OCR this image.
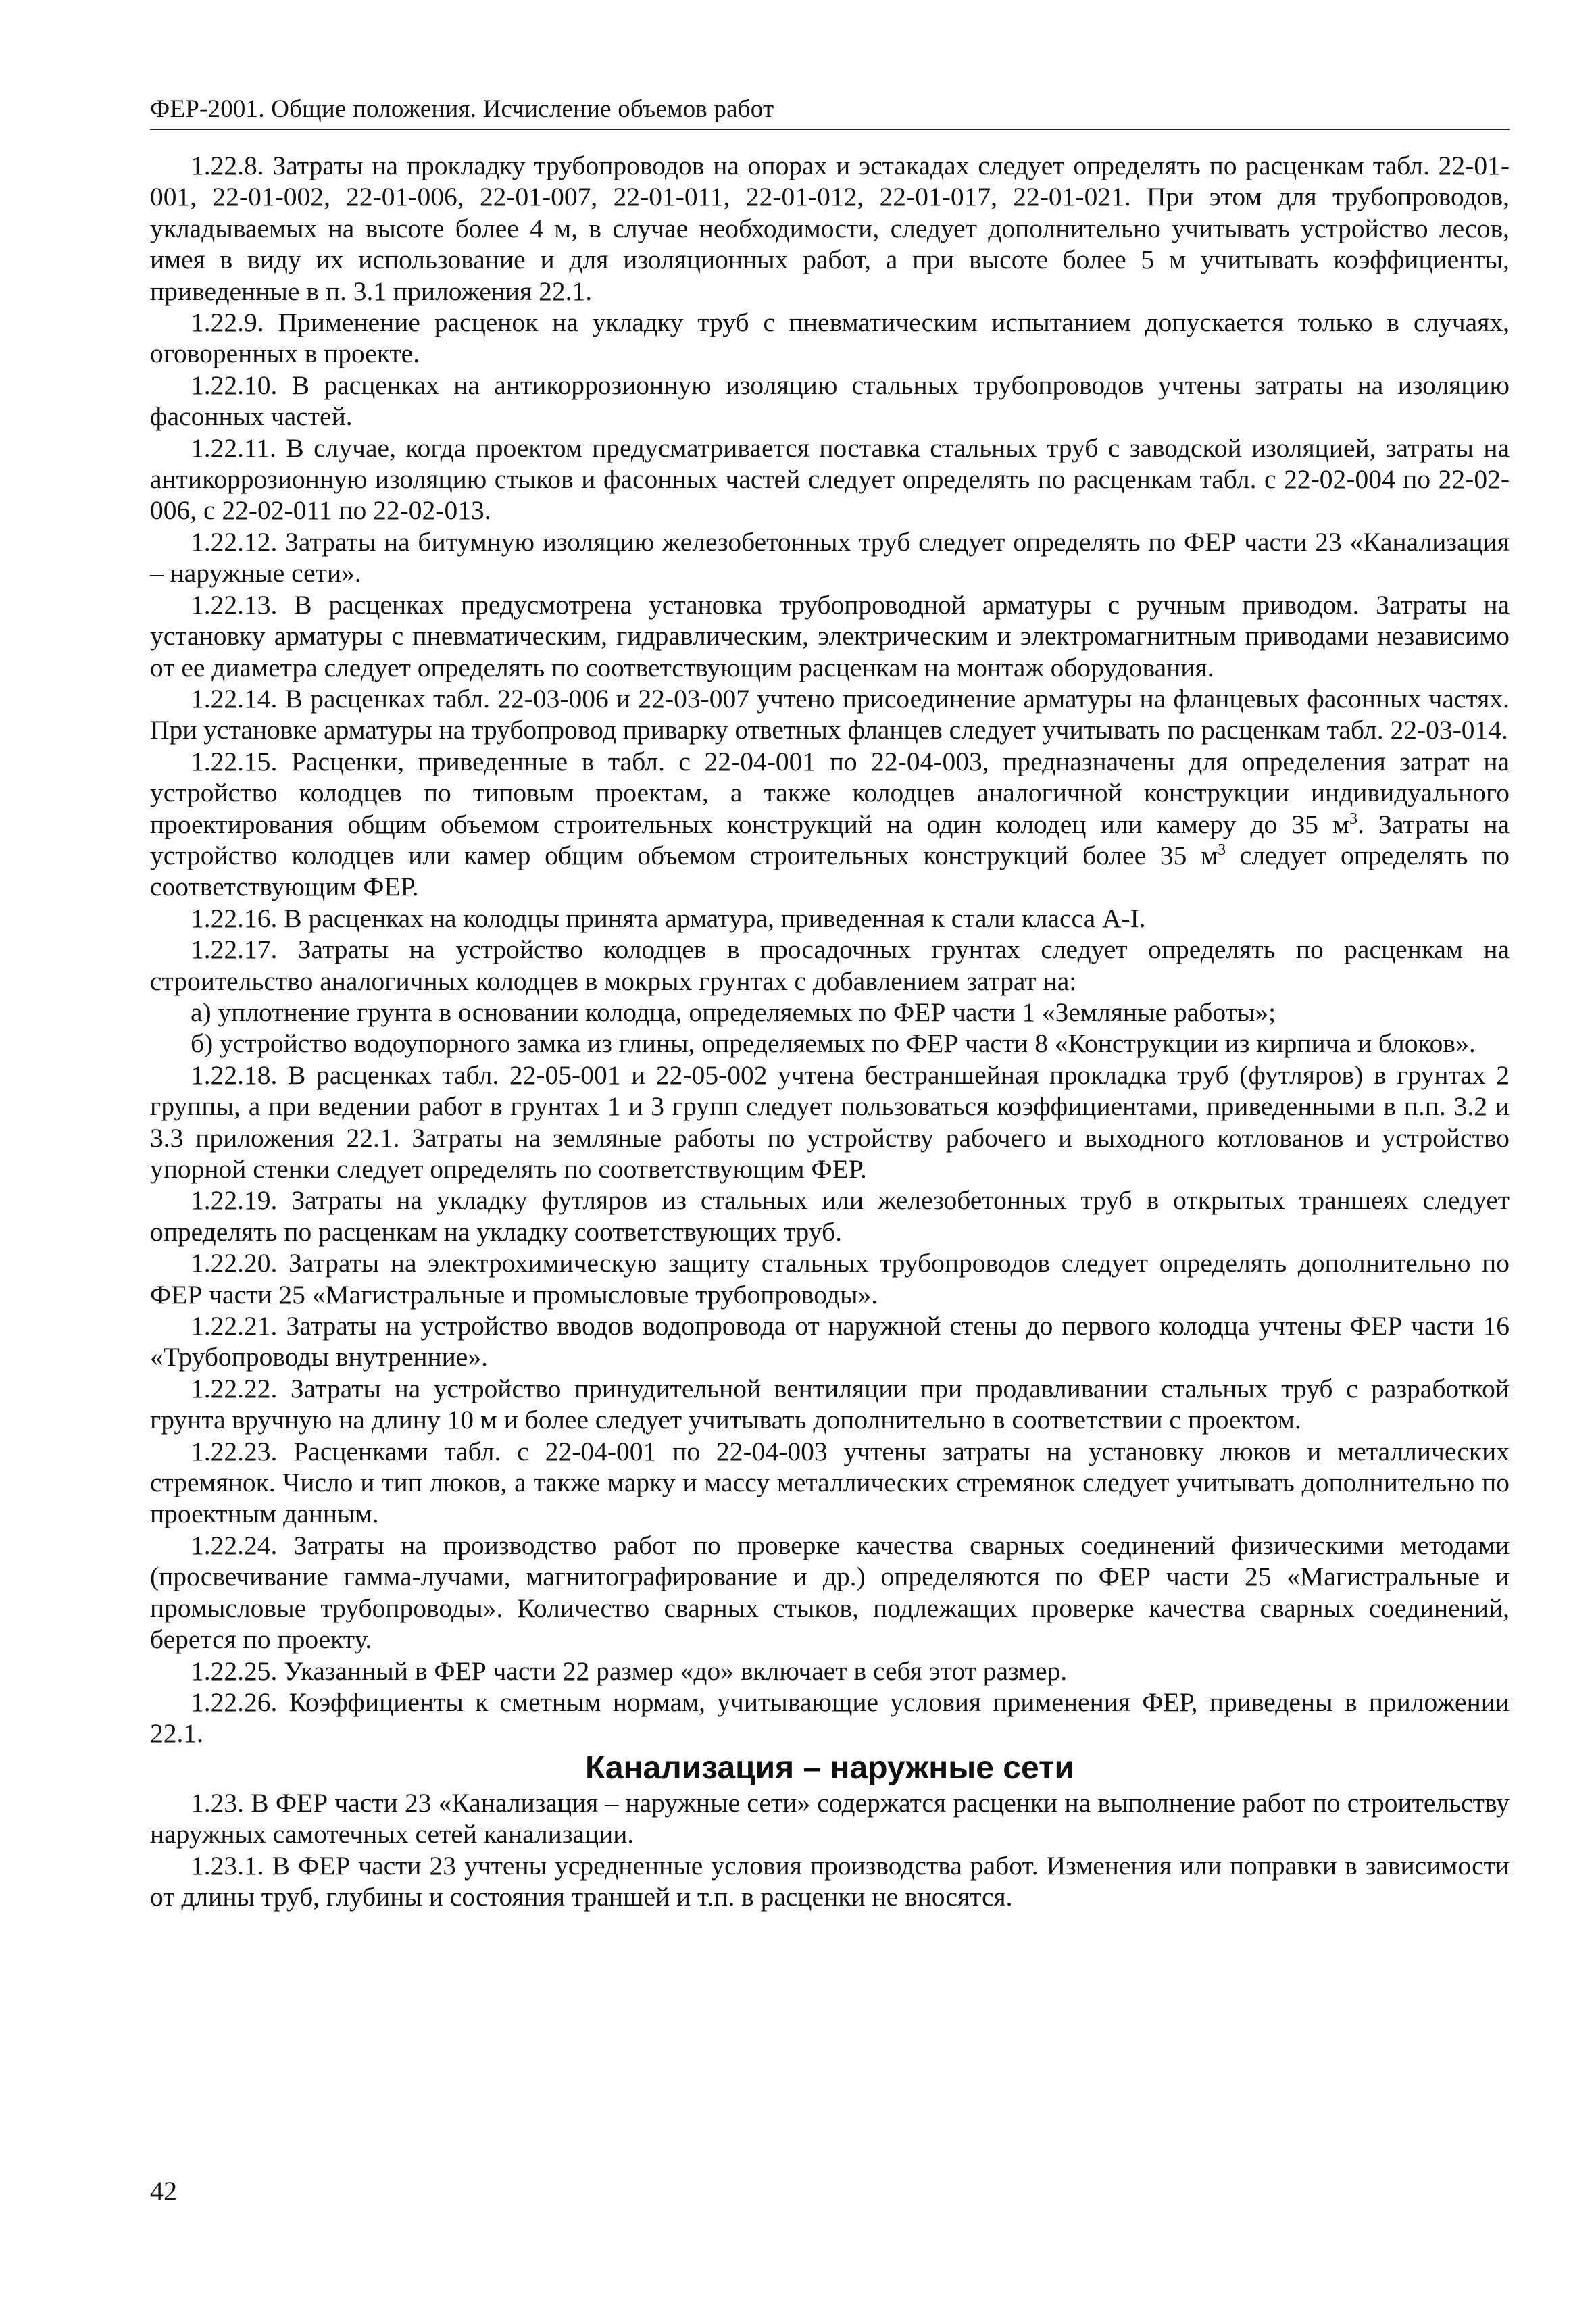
ФЕР-2001. Общие положения. Исчисление объемов работ

1.22.8. Затраты на прокладку трубопроводов на опорах и эстакадах следует определять по расценкам табл. 22-01-001, 22-01-002, 22-01-006, 22-01-007, 22-01-011, 22-01-012, 22-01-017, 22-01-021. При этом для трубопроводов, укладываемых на высоте более 4 м, в случае необходимости, следует дополнительно учитывать устройство лесов, имея в виду их использование и для изоляционных работ, а при высоте более 5 м учитывать коэффициенты, приведенные в п. 3.1 приложения 22.1.

1.22.9. Применение расценок на укладку труб с пневматическим испытанием допускается только в случаях, оговоренных в проекте.

1.22.10. В расценках на антикоррозионную изоляцию стальных трубопроводов учтены затраты на изоляцию фасонных частей.

1.22.11. В случае, когда проектом предусматривается поставка стальных труб с заводской изоляцией, затраты на антикоррозионную изоляцию стыков и фасонных частей следует определять по расценкам табл. с 22-02-004 по 22-02-006, с 22-02-011 по 22-02-013.

1.22.12. Затраты на битумную изоляцию железобетонных труб следует определять по ФЕР части 23 «Канализация – наружные сети».

1.22.13. В расценках предусмотрена установка трубопроводной арматуры с ручным приводом. Затраты на установку арматуры с пневматическим, гидравлическим, электрическим и электромагнитным приводами независимо от ее диаметра следует определять по соответствующим расценкам на монтаж оборудования.

1.22.14. В расценках табл. 22-03-006 и 22-03-007 учтено присоединение арматуры на фланцевых фасонных частях. При установке арматуры на трубопровод приварку ответных фланцев следует учитывать по расценкам табл. 22-03-014.

1.22.15. Расценки, приведенные в табл. с 22-04-001 по 22-04-003, предназначены для определения затрат на устройство колодцев по типовым проектам, а также колодцев аналогичной конструкции индивидуального проектирования общим объемом строительных конструкций на один колодец или камеру до 35 $м^3$. Затраты на устройство колодцев или камер общим объемом строительных конструкций более 35 $м^3$ следует определять по соответствующим ФЕР.

1.22.16. В расценках на колодцы принята арматура, приведенная к стали класса А-I.

1.22.17. Затраты на устройство колодцев в просадочных грунтах следует определять по расценкам на строительство аналогичных колодцев в мокрых грунтах с добавлением затрат на:

а) уплотнение грунта в основании колодца, определяемых по ФЕР части 1 «Земляные работы»;

б) устройство водоупорного замка из глины, определяемых по ФЕР части 8 «Конструкции из кирпича и блоков».

1.22.18. В расценках табл. 22-05-001 и 22-05-002 учтена бестраншейная прокладка труб (футляров) в грунтах 2 группы, а при ведении работ в грунтах 1 и 3 групп следует пользоваться коэффициентами, приведенными в п.п. 3.2 и 3.3 приложения 22.1. Затраты на земляные работы по устройству рабочего и выходного котлованов и устройство упорной стенки следует определять по соответствующим ФЕР.

1.22.19. Затраты на укладку футляров из стальных или железобетонных труб в открытых траншеях следует определять по расценкам на укладку соответствующих труб.

1.22.20. Затраты на электрохимическую защиту стальных трубопроводов следует определять дополнительно по ФЕР части 25 «Магистральные и промысловые трубопроводы».

1.22.21. Затраты на устройство вводов водопровода от наружной стены до первого колодца учтены ФЕР части 16 «Трубопроводы внутренние».

1.22.22. Затраты на устройство принудительной вентиляции при продавливании стальных труб с разработкой грунта вручную на длину 10 м и более следует учитывать дополнительно в соответствии с проектом.

1.22.23. Расценками табл. с 22-04-001 по 22-04-003 учтены затраты на установку люков и металлических стремянок. Число и тип люков, а также марку и массу металлических стремянок следует учитывать дополнительно по проектным данным.

1.22.24. Затраты на производство работ по проверке качества сварных соединений физическими методами (просвечивание гамма-лучами, магнитографирование и др.) определяются по ФЕР части 25 «Магистральные и промысловые трубопроводы». Количество сварных стыков, подлежащих проверке качества сварных соединений, берется по проекту.

1.22.25. Указанный в ФЕР части 22 размер «до» включает в себя этот размер.

1.22.26. Коэффициенты к сметным нормам, учитывающие условия применения ФЕР, приведены в приложении 22.1.

Канализация – наружные сети

1.23. В ФЕР части 23 «Канализация – наружные сети» содержатся расценки на выполнение работ по строительству наружных самотечных сетей канализации.

1.23.1. В ФЕР части 23 учтены усредненные условия производства работ. Изменения или поправки в зависимости от длины труб, глубины и состояния траншей и т.п. в расценки не вносятся.

42
